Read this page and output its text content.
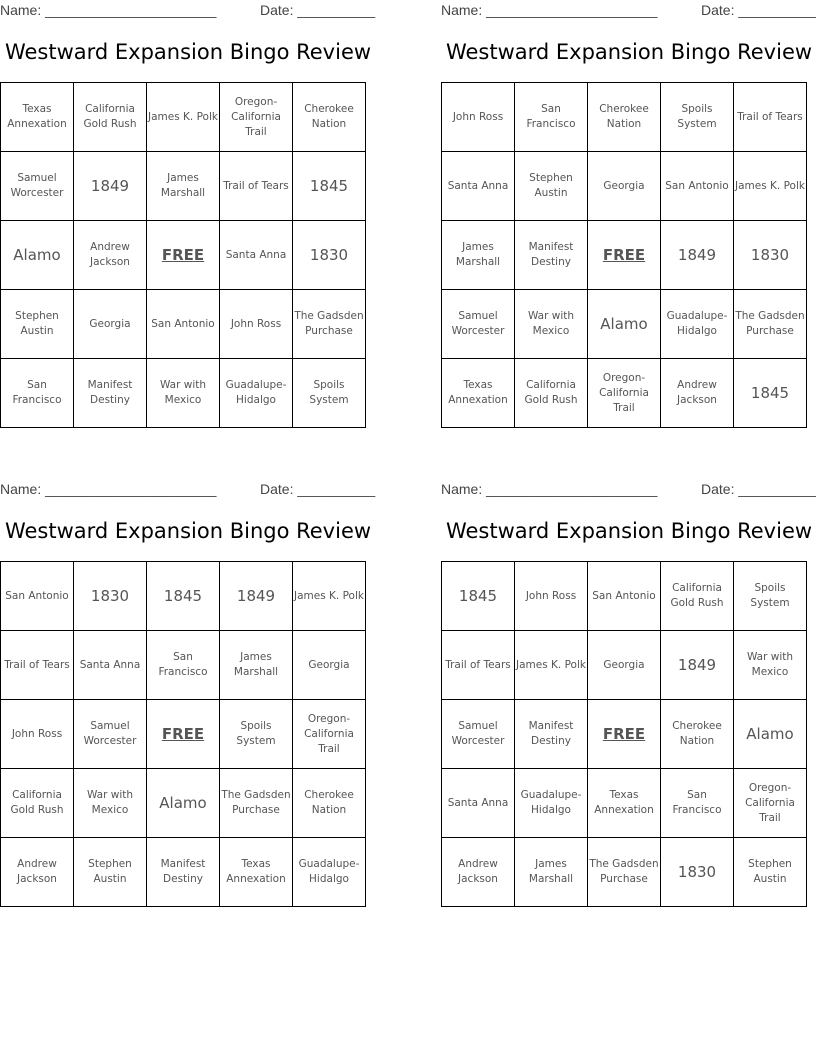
Name: ______________________	Date: __________
Westward Expansion Bingo Review
Texas Annexation	California Gold Rush	James K. Polk	Oregon-California Trail	Cherokee Nation
Samuel Worcester	1849	James Marshall	Trail of Tears	1845
Alamo	Andrew Jackson	FREE	Santa Anna	1830
Stephen Austin	Georgia	San Antonio	John Ross	The Gadsden Purchase
San Francisco	Manifest Destiny	War with Mexico	Guadalupe-Hidalgo	Spoils System
Name: ______________________	Date: __________
Westward Expansion Bingo Review
John Ross	San Francisco	Cherokee Nation	Spoils System	Trail of Tears
Santa Anna	Stephen Austin	Georgia	San Antonio	James K. Polk
James Marshall	Manifest Destiny	FREE	1849	1830
Samuel Worcester	War with Mexico	Alamo	Guadalupe-Hidalgo	The Gadsden Purchase
Texas Annexation	California Gold Rush	Oregon-California Trail	Andrew Jackson	1845
Name: ______________________	Date: __________
Westward Expansion Bingo Review
San Antonio	1830	1845	1849	James K. Polk
Trail of Tears	Santa Anna	San Francisco	James Marshall	Georgia
John Ross	Samuel Worcester	FREE	Spoils System	Oregon-California Trail
California Gold Rush	War with Mexico	Alamo	The Gadsden Purchase	Cherokee Nation
Andrew Jackson	Stephen Austin	Manifest Destiny	Texas Annexation	Guadalupe-Hidalgo
Name: ______________________	Date: __________
Westward Expansion Bingo Review
1845	John Ross	San Antonio	California Gold Rush	Spoils System
Trail of Tears	James K. Polk	Georgia	1849	War with Mexico
Samuel Worcester	Manifest Destiny	FREE	Cherokee Nation	Alamo
Santa Anna	Guadalupe-Hidalgo	Texas Annexation	San Francisco	Oregon-California Trail
Andrew Jackson	James Marshall	The Gadsden Purchase	1830	Stephen Austin
